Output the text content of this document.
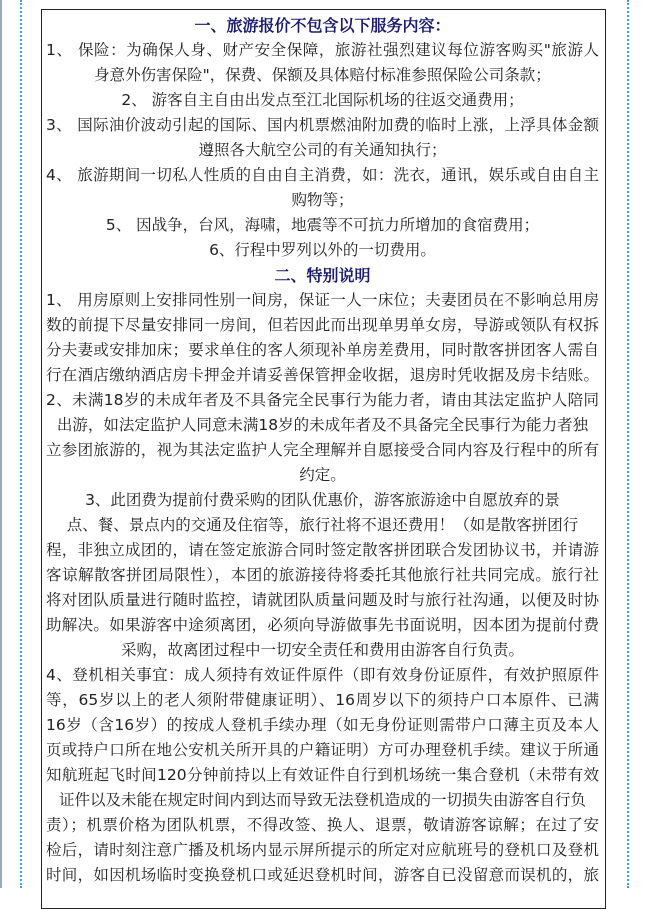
一、旅游报价不包含以下服务内容：
1、 保险：为确保人身、财产安全保障，旅游社强烈建议每位游客购买"旅游人
身意外伤害保险"，保费、保额及具体赔付标准参照保险公司条款；
2、 游客自主自由出发点至江北国际机场的往返交通费用；
3、 国际油价波动引起的国际、国内机票燃油附加费的临时上涨，上浮具体金额
遵照各大航空公司的有关通知执行；
4、 旅游期间一切私人性质的自由自主消费，如：洗衣，通讯，娱乐或自由自主
购物等；
5、 因战争，台风，海啸，地震等不可抗力所增加的食宿费用；
6、行程中罗列以外的一切费用。
二、特别说明
1、 用房原则上安排同性别一间房，保证一人一床位；夫妻团员在不影响总用房
数的前提下尽量安排同一房间，但若因此而出现单男单女房，导游或领队有权拆
分夫妻或安排加床；要求单住的客人须现补单房差费用，同时散客拼团客人需自
行在酒店缴纳酒店房卡押金并请妥善保管押金收据，退房时凭收据及房卡结账。
2、未满18岁的未成年者及不具备完全民事行为能力者，请由其法定监护人陪同
出游，如法定监护人同意未满18岁的未成年者及不具备完全民事行为能力者独
立参团旅游的，视为其法定监护人完全理解并自愿接受合同内容及行程中的所有
约定。
3、此团费为提前付费采购的团队优惠价，游客旅游途中自愿放弃的景
点、餐、景点内的交通及住宿等，旅行社将不退还费用！（如是散客拼团行
程，非独立成团的，请在签定旅游合同时签定散客拼团联合发团协议书，并请游
客谅解散客拼团局限性），本团的旅游接待将委托其他旅行社共同完成。旅行社
将对团队质量进行随时监控，请就团队质量问题及时与旅行社沟通，以便及时协
助解决。如果游客中途须离团，必须向导游做事先书面说明，因本团为提前付费
采购，故离团过程中一切安全责任和费用由游客自行负责。
4、登机相关事宜：成人须持有效证件原件（即有效身份证原件，有效护照原件
等，65岁以上的老人须附带健康证明）、16周岁以下的须持户口本原件、已满
16岁（含16岁）的按成人登机手续办理（如无身份证则需带户口薄主页及本人
页或持户口所在地公安机关所开具的户籍证明）方可办理登机手续。建议于所通
知航班起飞时间120分钟前持以上有效证件自行到机场统一集合登机（未带有效
证件以及未能在规定时间内到达而导致无法登机造成的一切损失由游客自行负
责）；机票价格为团队机票，不得改签、换人、退票，敬请游客谅解；在过了安
检后，请时刻注意广播及机场内显示屏所提示的所定对应航班号的登机口及登机
时间，如因机场临时变换登机口或延迟登机时间，游客自已没留意而误机的，旅
